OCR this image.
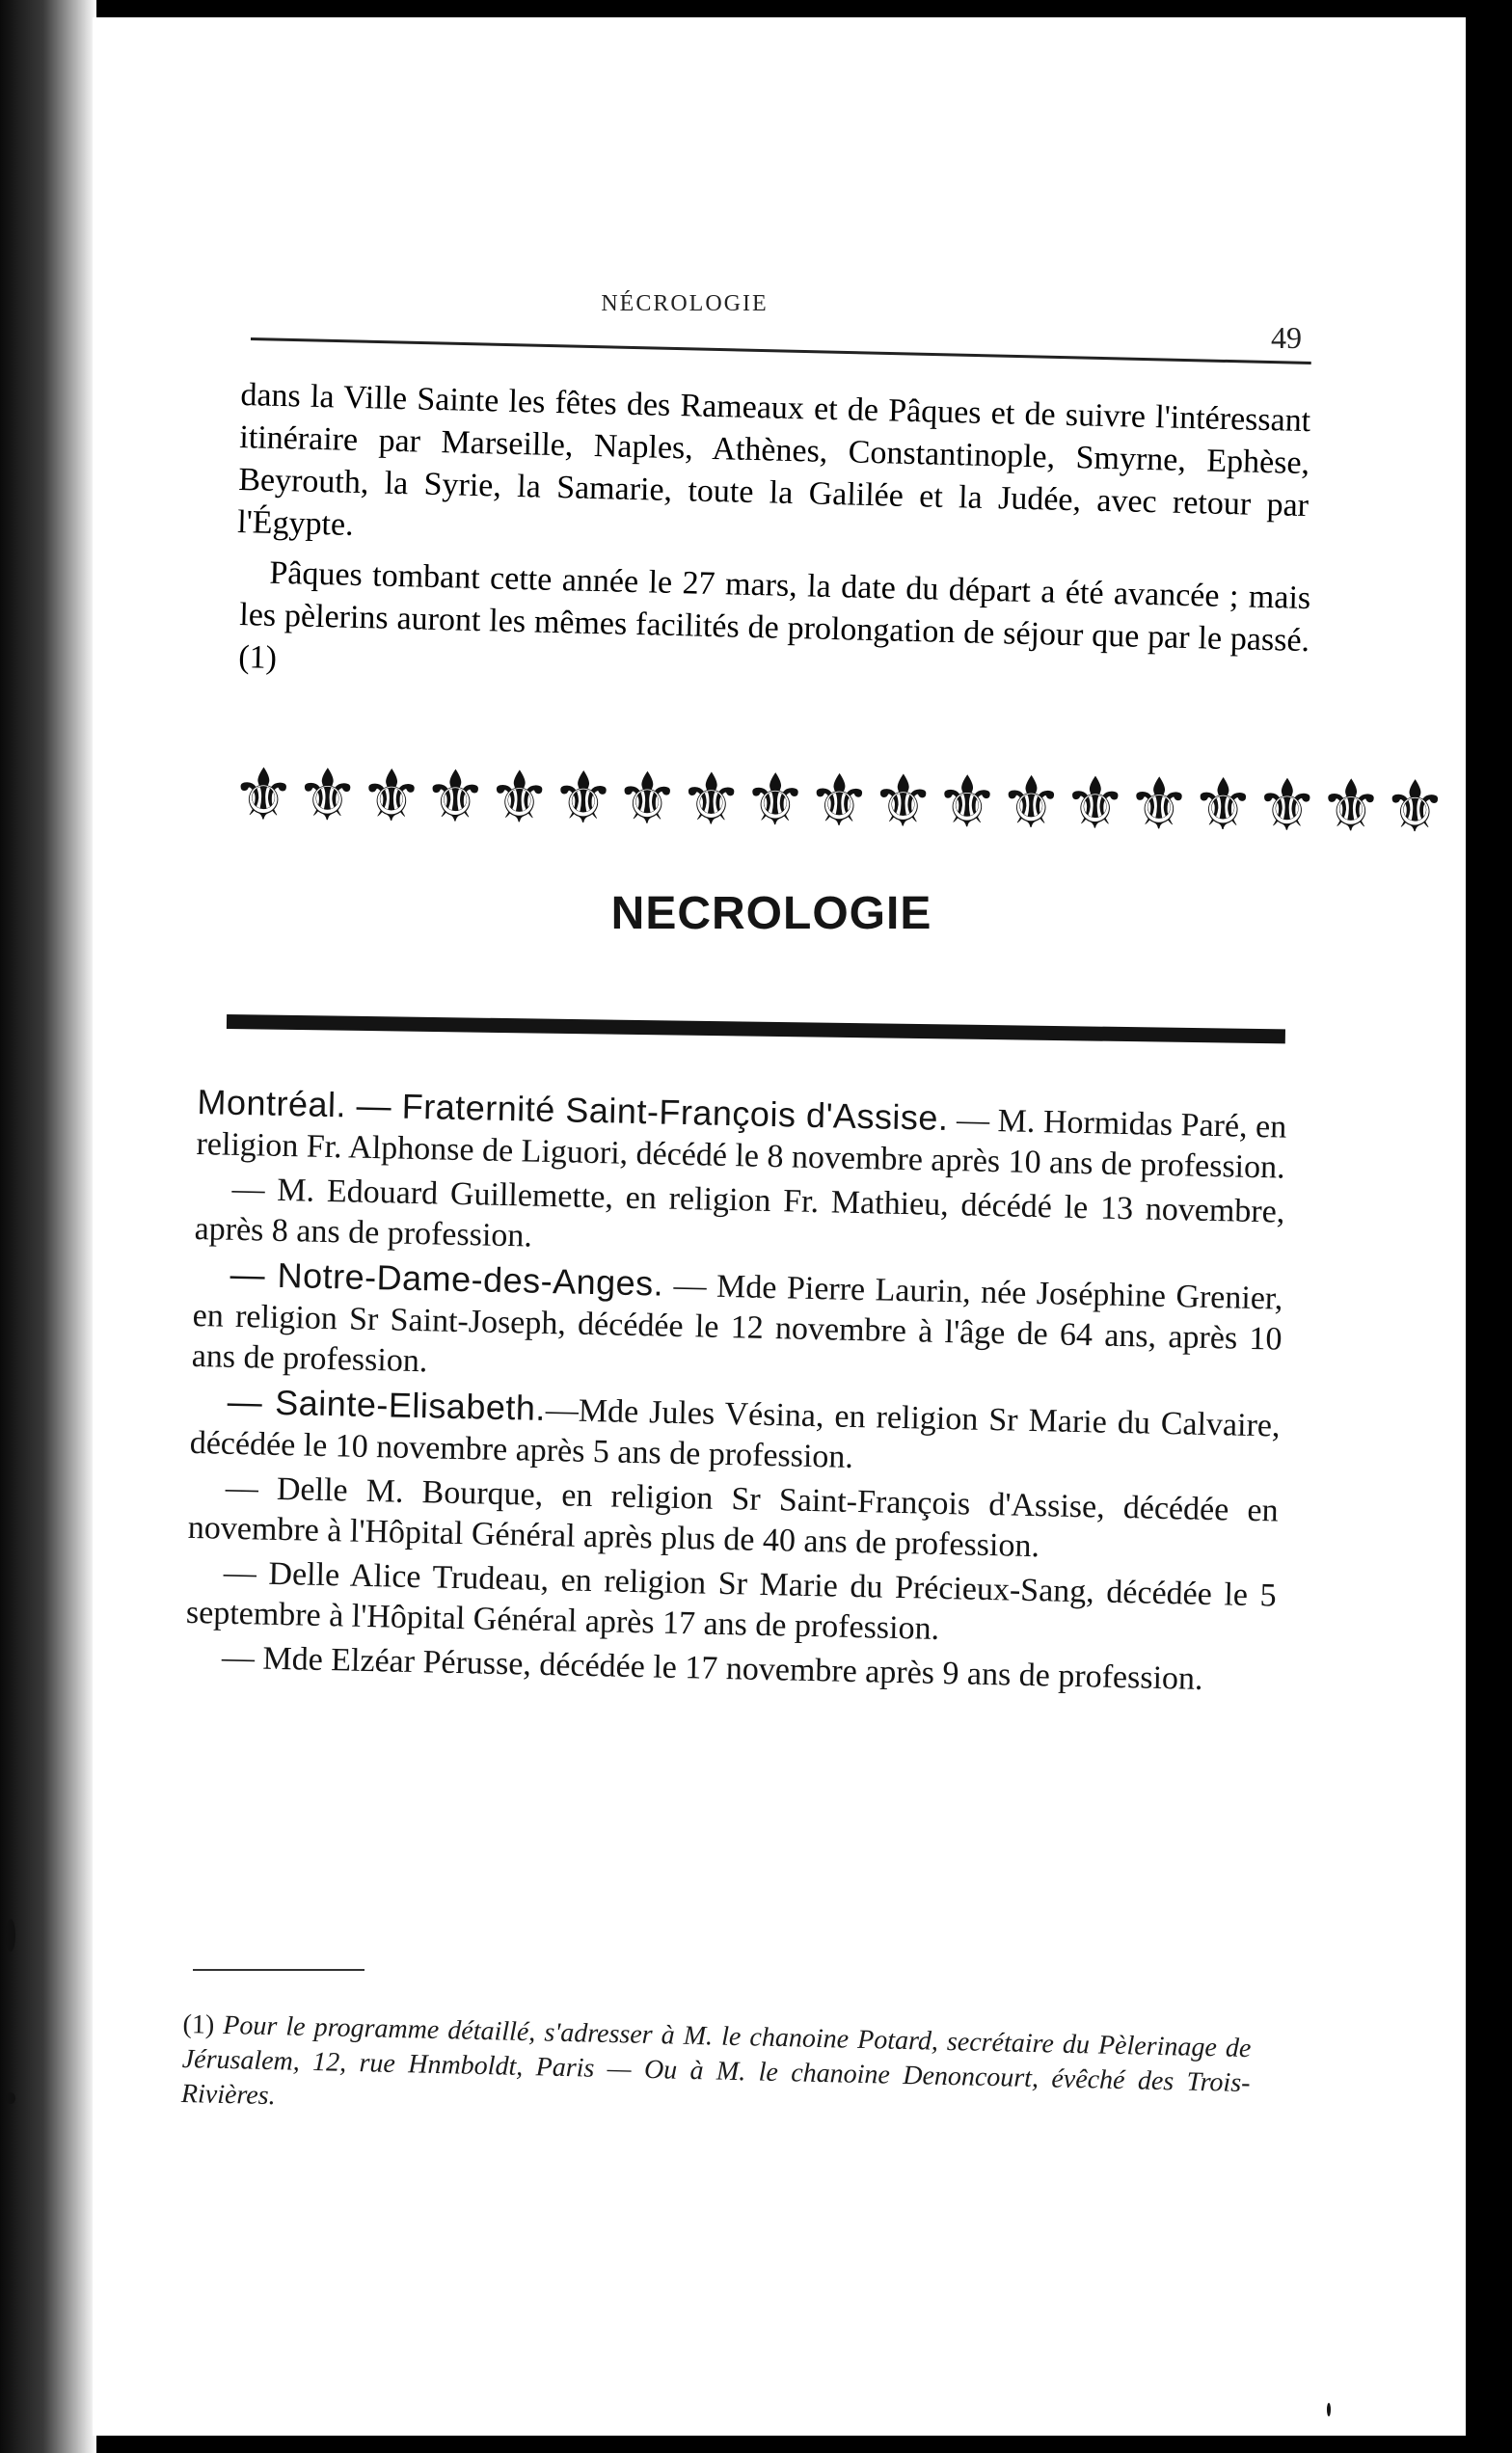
NÉCROLOGIE
49

dans la Ville Sainte les fêtes des Rameaux et de Pâques et de suivre l'intéressant itinéraire par Marseille, Naples, Athènes, Constantinople, Smyrne, Ephèse, Beyrouth, la Syrie, la Samarie, toute la Galilée et la Judée, avec retour par l'Égypte.

Pâques tombant cette année le 27 mars, la date du départ a été avancée ; mais les pèlerins auront les mêmes facilités de prolongation de séjour que par le passé. (1)

⚜ ⚜ ⚜ ⚜ ⚜ ⚜ ⚜ ⚜ ⚜ ⚜ ⚜ ⚜ ⚜ ⚜ ⚜ ⚜ ⚜ ⚜ ⚜
NECROLOGIE

Montréal. — Fraternité Saint-François d'Assise. — M. Hormidas Paré, en religion Fr. Alphonse de Liguori, décédé le 8 novembre après 10 ans de profession.

— M. Edouard Guillemette, en religion Fr. Mathieu, décédé le 13 novembre, après 8 ans de profession.

— Notre-Dame-des-Anges. — Mde Pierre Laurin, née Joséphine Grenier, en religion Sr Saint-Joseph, décédée le 12 novembre à l'âge de 64 ans, après 10 ans de profession.

— Sainte-Elisabeth.—Mde Jules Vésina, en religion Sr Marie du Calvaire, décédée le 10 novembre après 5 ans de profession.

— Delle M. Bourque, en religion Sr Saint-François d'Assise, décédée en novembre à l'Hôpital Général après plus de 40 ans de profession.

— Delle Alice Trudeau, en religion Sr Marie du Précieux-Sang, décédée le 5 septembre à l'Hôpital Général après 17 ans de profession.

— Mde Elzéar Pérusse, décédée le 17 novembre après 9 ans de profession.

(1) Pour le programme détaillé, s'adresser à M. le chanoine Potard, secrétaire du Pèlerinage de Jérusalem, 12, rue Hnmboldt, Paris — Ou à M. le chanoine Denoncourt, évêché des Trois-Rivières.
